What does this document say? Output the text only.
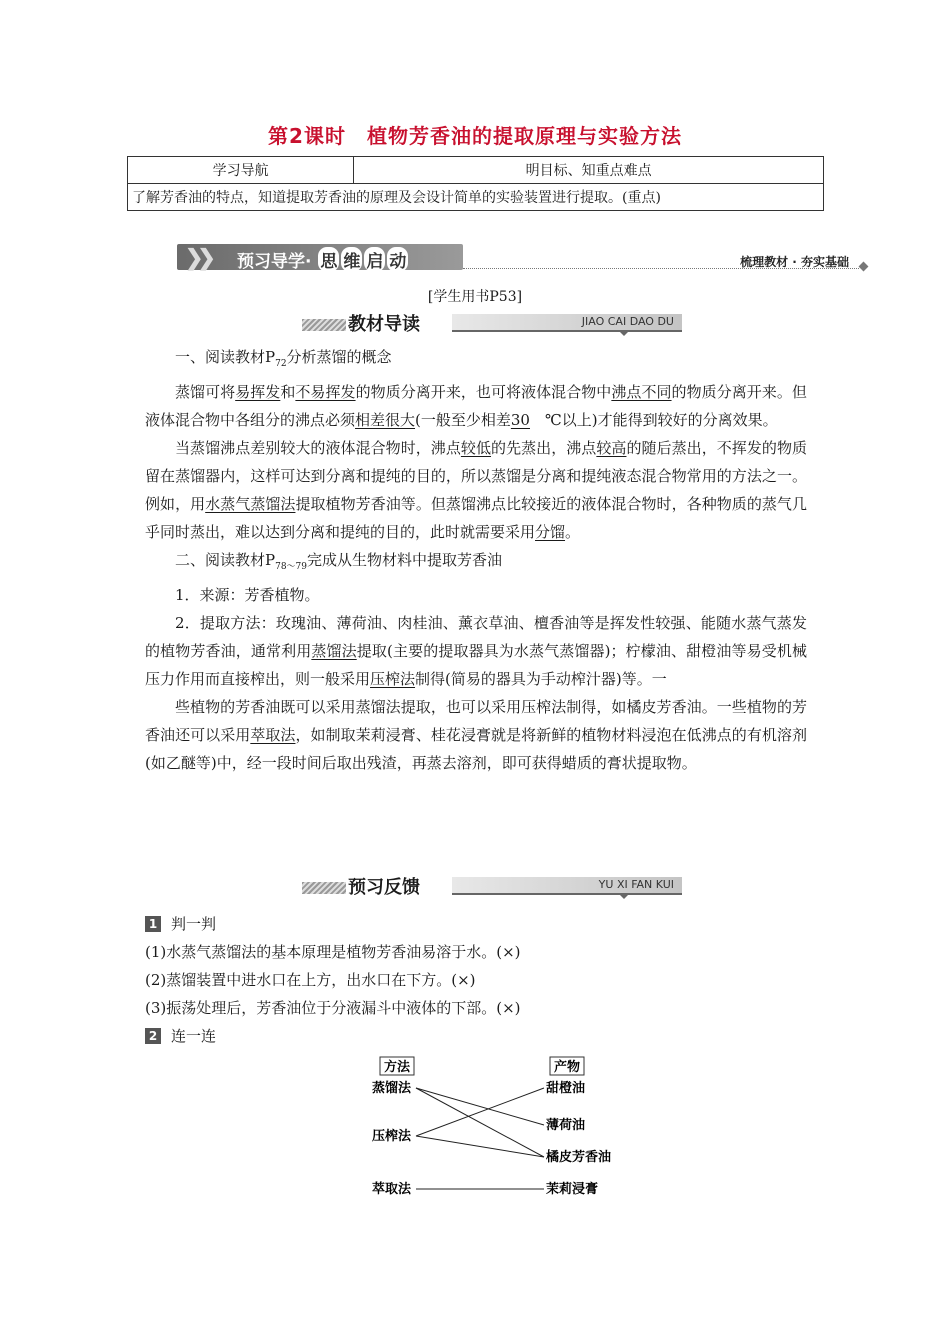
第2课时　植物芳香油的提取原理与实验方法
学习导航	明目标、知重点难点
了解芳香油的特点，知道提取芳香油的原理及会设计简单的实验装置进行提取。(重点)
❯❯ 预习导学· 思 维 启 动	梳理教材 · 夯实基础
[学生用书P53]
教材导读	JIAO CAI DAO DU

一、阅读教材$P_{72}$分析蒸馏的概念

蒸馏可将易挥发和不易挥发的物质分离开来，也可将液体混合物中沸点不同的物质分离开来。但液体混合物中各组分的沸点必须相差很大(一般至少相差30　℃以上)才能得到较好的分离效果。

当蒸馏沸点差别较大的液体混合物时，沸点较低的先蒸出，沸点较高的随后蒸出，不挥发的物质留在蒸馏器内，这样可达到分离和提纯的目的，所以蒸馏是分离和提纯液态混合物常用的方法之一。例如，用水蒸气蒸馏法提取植物芳香油等。但蒸馏沸点比较接近的液体混合物时，各种物质的蒸气几乎同时蒸出，难以达到分离和提纯的目的，此时就需要采用分馏。

二、阅读教材$P_{78\sim 79}$完成从生物材料中提取芳香油

1．来源：芳香植物。

2．提取方法：玫瑰油、薄荷油、肉桂油、薰衣草油、檀香油等是挥发性较强、能随水蒸气蒸发的植物芳香油，通常利用蒸馏法提取(主要的提取器具为水蒸气蒸馏器)；柠檬油、甜橙油等易受机械压力作用而直接榨出，则一般采用压榨法制得(简易的器具为手动榨汁器)等。一

些植物的芳香油既可以采用蒸馏法提取，也可以采用压榨法制得，如橘皮芳香油。一些植物的芳香油还可以采用萃取法，如制取茉莉浸膏、桂花浸膏就是将新鲜的植物材料浸泡在低沸点的有机溶剂(如乙醚等)中，经一段时间后取出残渣，再蒸去溶剂，即可获得蜡质的膏状提取物。

预习反馈	YU XI FAN KUI

1 判一判

(1)水蒸气蒸馏法的基本原理是植物芳香油易溶于水。(×)

(2)蒸馏装置中进水口在上方，出水口在下方。(×)

(3)振荡处理后，芳香油位于分液漏斗中液体的下部。(×)

2 连一连

方法	产物
蒸馏法
压榨法
萃取法
甜橙油
薄荷油
橘皮芳香油
茉莉浸膏
